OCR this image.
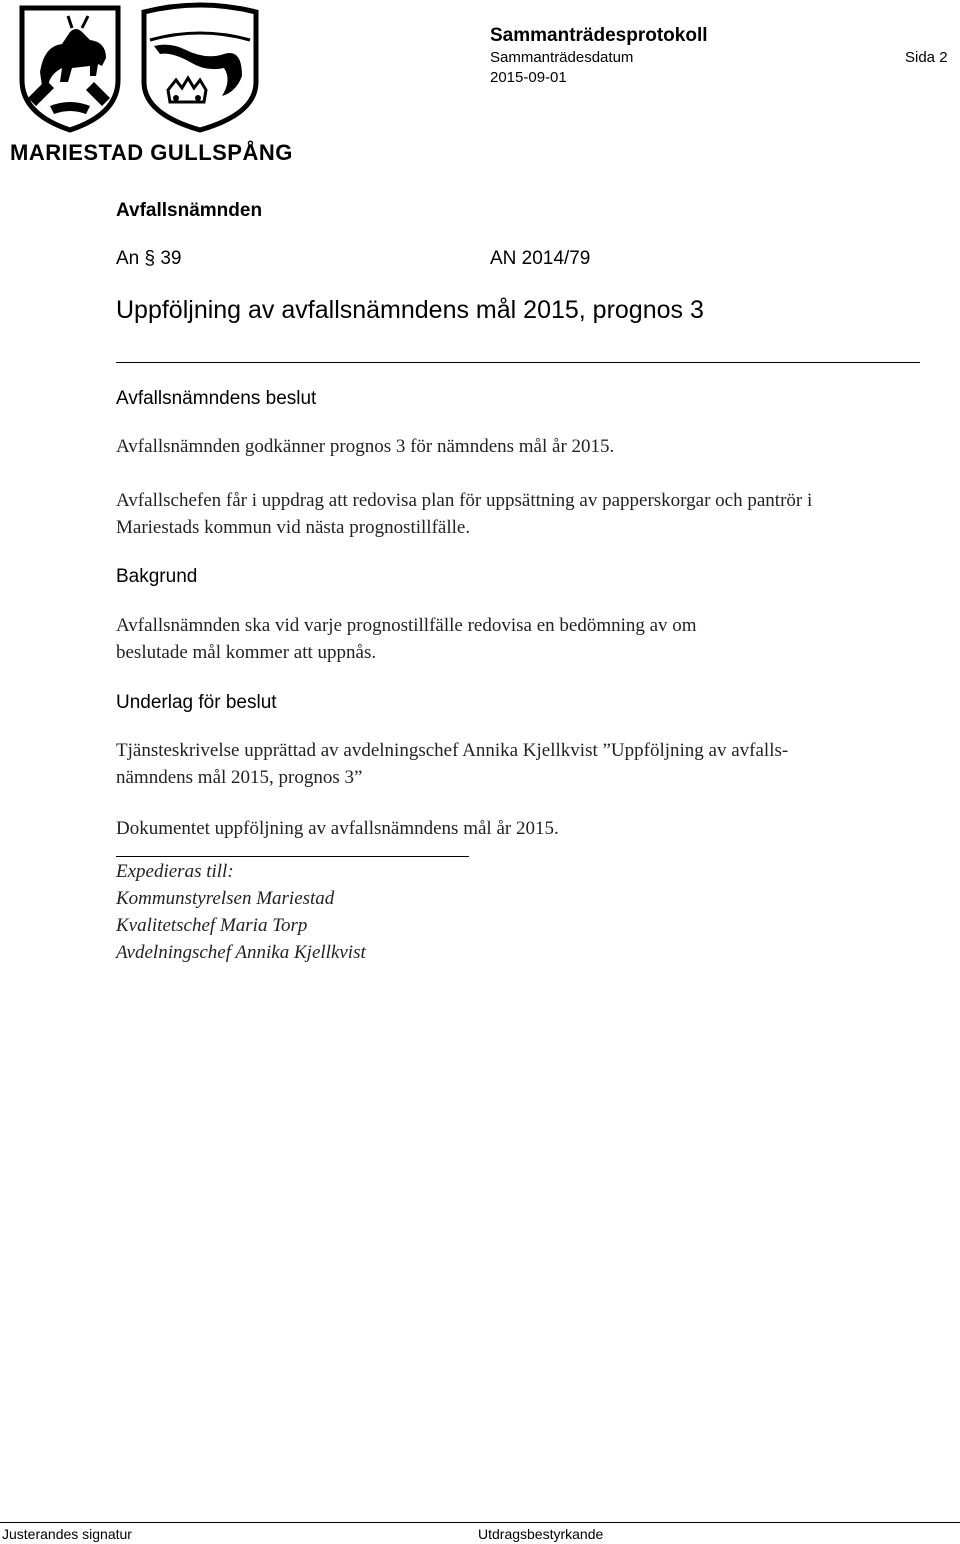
MARIESTAD GULLSPÅNG
Sammanträdesprotokoll
Sammanträdesdatum	Sida 2
2015-09-01
Avfallsnämnden
An § 39	AN 2014/79
Uppföljning av avfallsnämndens mål 2015, prognos 3
Avfallsnämndens beslut
Avfallsnämnden godkänner prognos 3 för nämndens mål år 2015.
Avfallschefen får i uppdrag att redovisa plan för uppsättning av papperskorgar och pantrör i
Mariestads kommun vid nästa prognostillfälle.
Bakgrund
Avfallsnämnden ska vid varje prognostillfälle redovisa en bedömning av om
beslutade mål kommer att uppnås.
Underlag för beslut
Tjänsteskrivelse upprättad av avdelningschef Annika Kjellkvist ”Uppföljning av avfalls-
nämndens mål 2015, prognos 3”
Dokumentet uppföljning av avfallsnämndens mål år 2015.
Expedieras till:
Kommunstyrelsen Mariestad
Kvalitetschef Maria Torp
Avdelningschef Annika Kjellkvist
Justerandes signatur	Utdragsbestyrkande
